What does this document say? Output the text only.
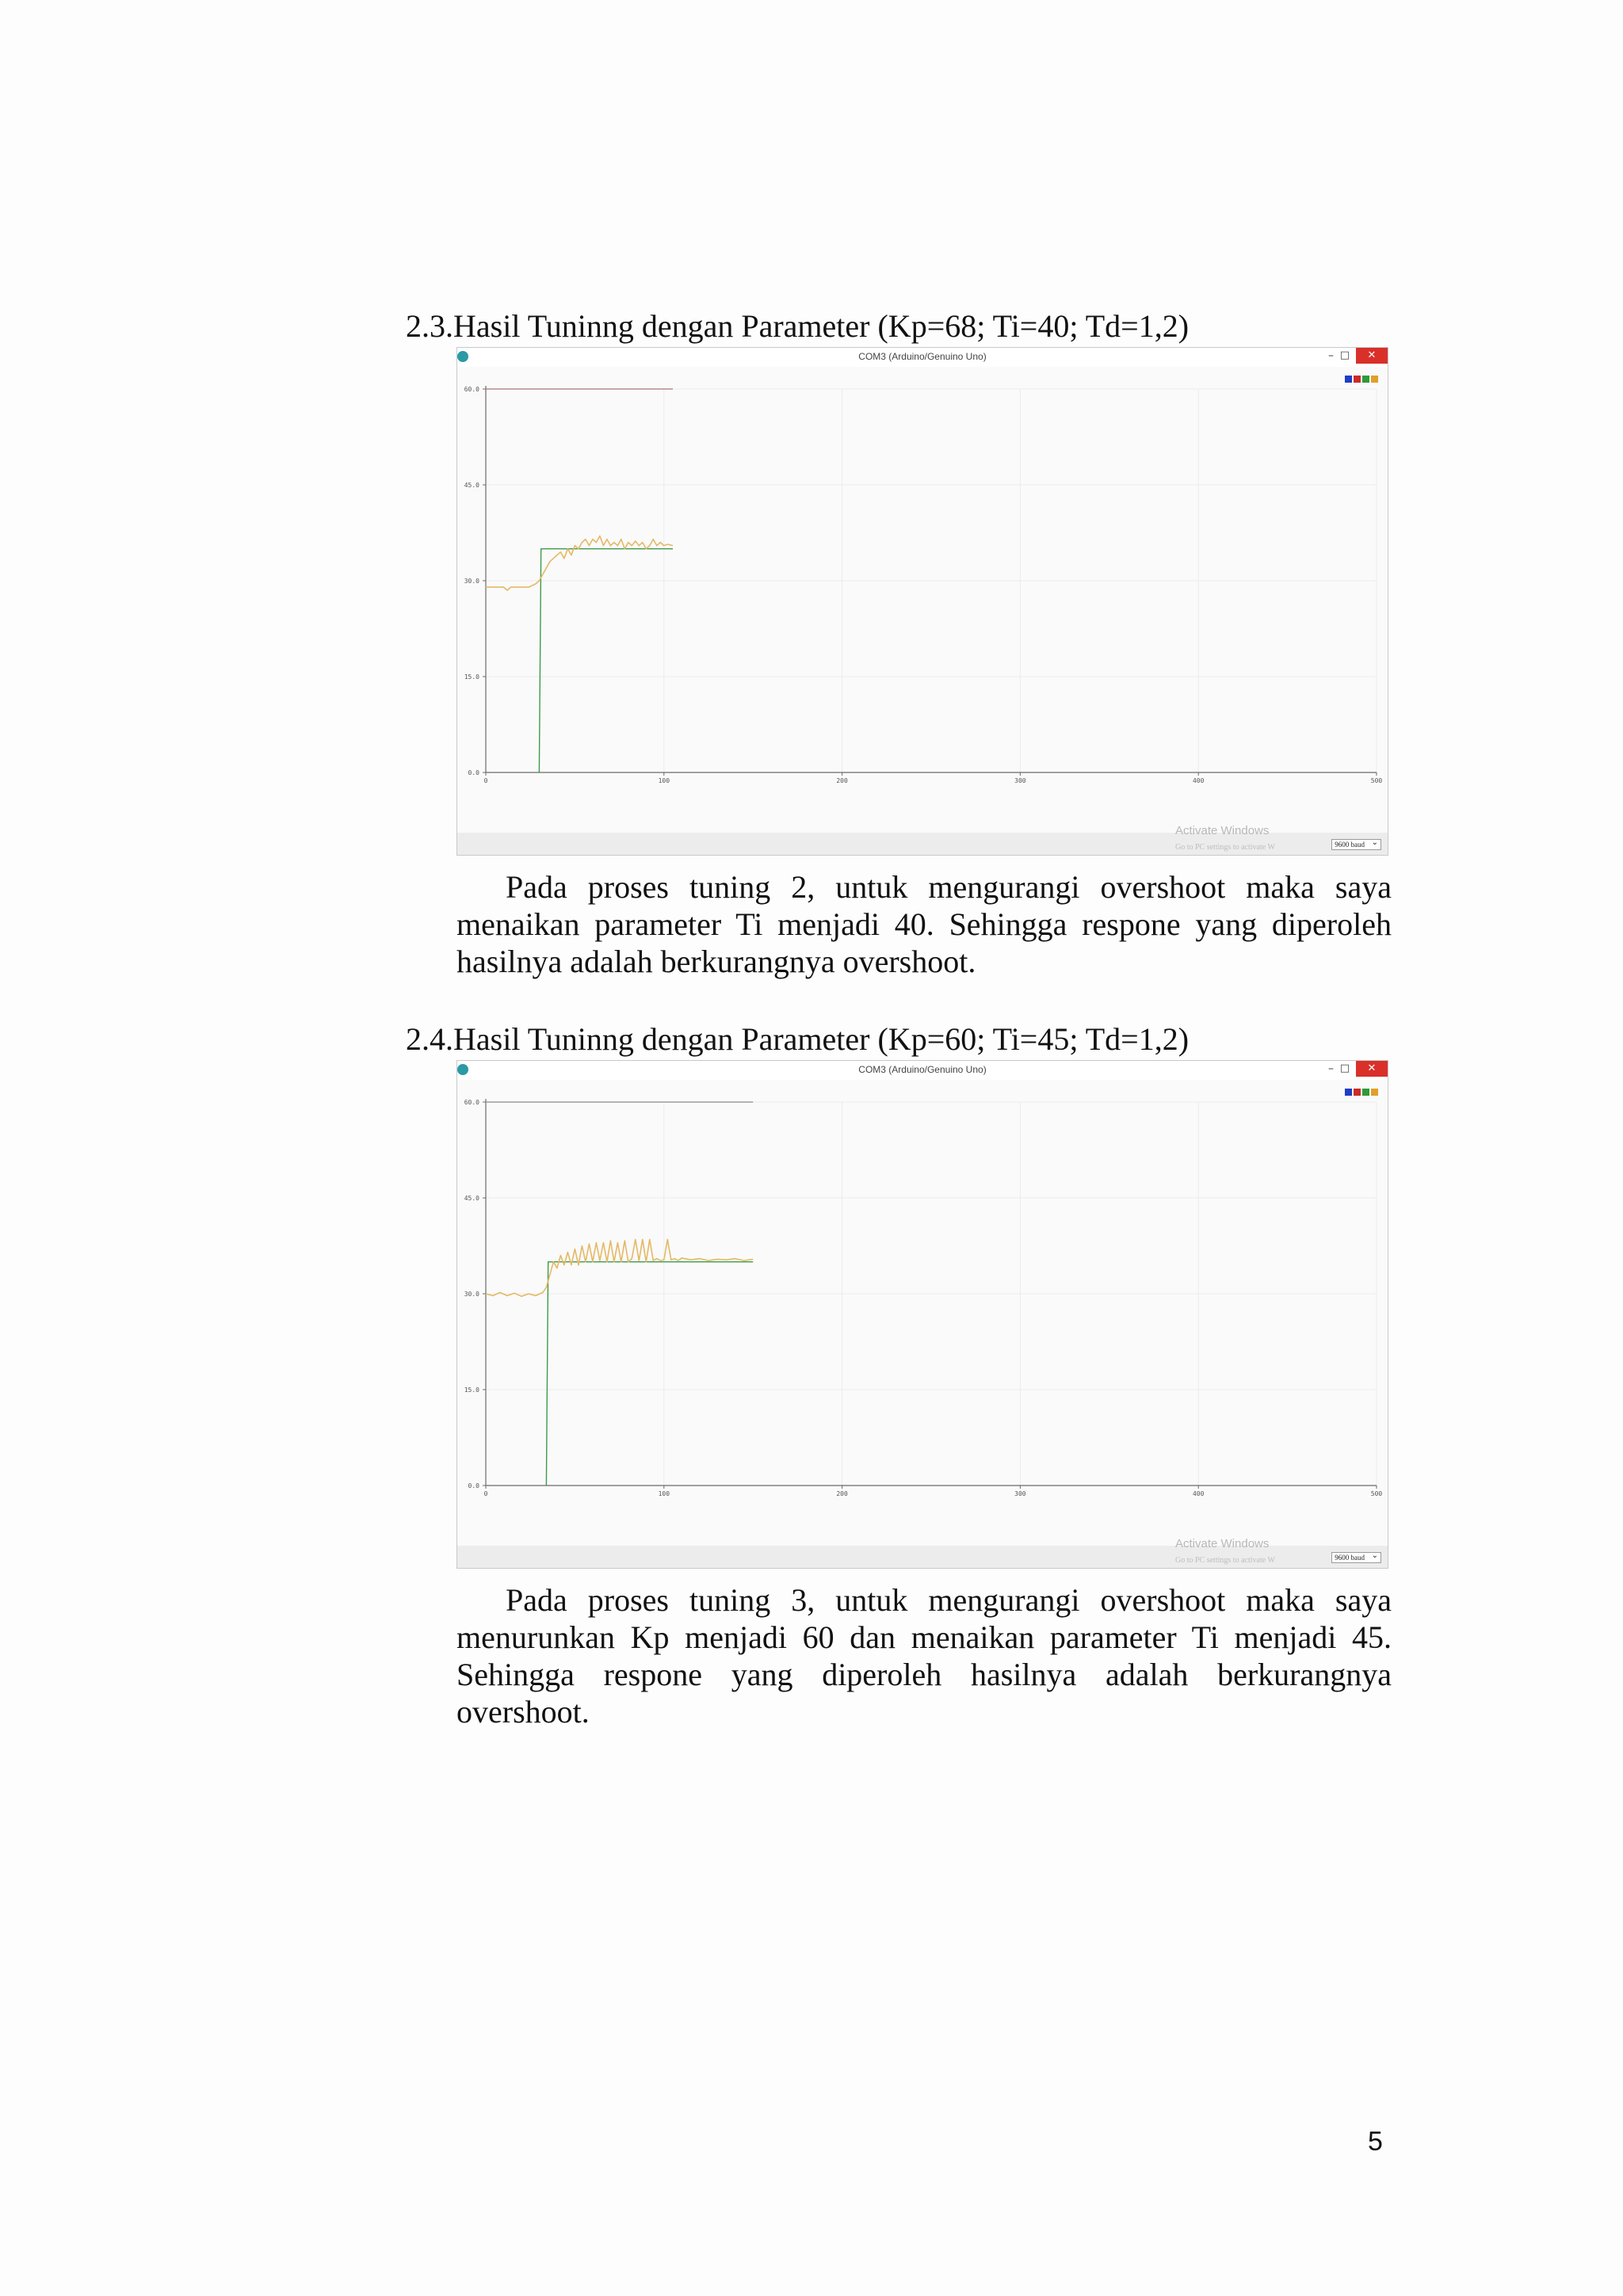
2.3.Hasil Tuninng dengan Parameter (Kp=68; Ti=40; Td=1,2)
COM3 (Arduino/Genuino Uno)	– □	✕
0.0
15.0
30.0
45.0
60.0
0	100	200	300	400	500
Activate Windows
Go to PC settings to activate W	9600 baud ⌄

Pada proses tuning 2, untuk mengurangi overshoot maka saya menaikan parameter Ti menjadi 40. Sehingga respone yang diperoleh hasilnya adalah berkurangnya overshoot.

2.4.Hasil Tuninng dengan Parameter (Kp=60; Ti=45; Td=1,2)
COM3 (Arduino/Genuino Uno)	– □	✕
0.0
15.0
30.0
45.0
60.0
0	100	200	300	400	500
Activate Windows
Go to PC settings to activate W	9600 baud ⌄

Pada proses tuning 3, untuk mengurangi overshoot maka saya menurunkan Kp menjadi 60 dan menaikan parameter Ti menjadi 45. Sehingga respone yang diperoleh hasilnya adalah berkurangnya overshoot.

5
